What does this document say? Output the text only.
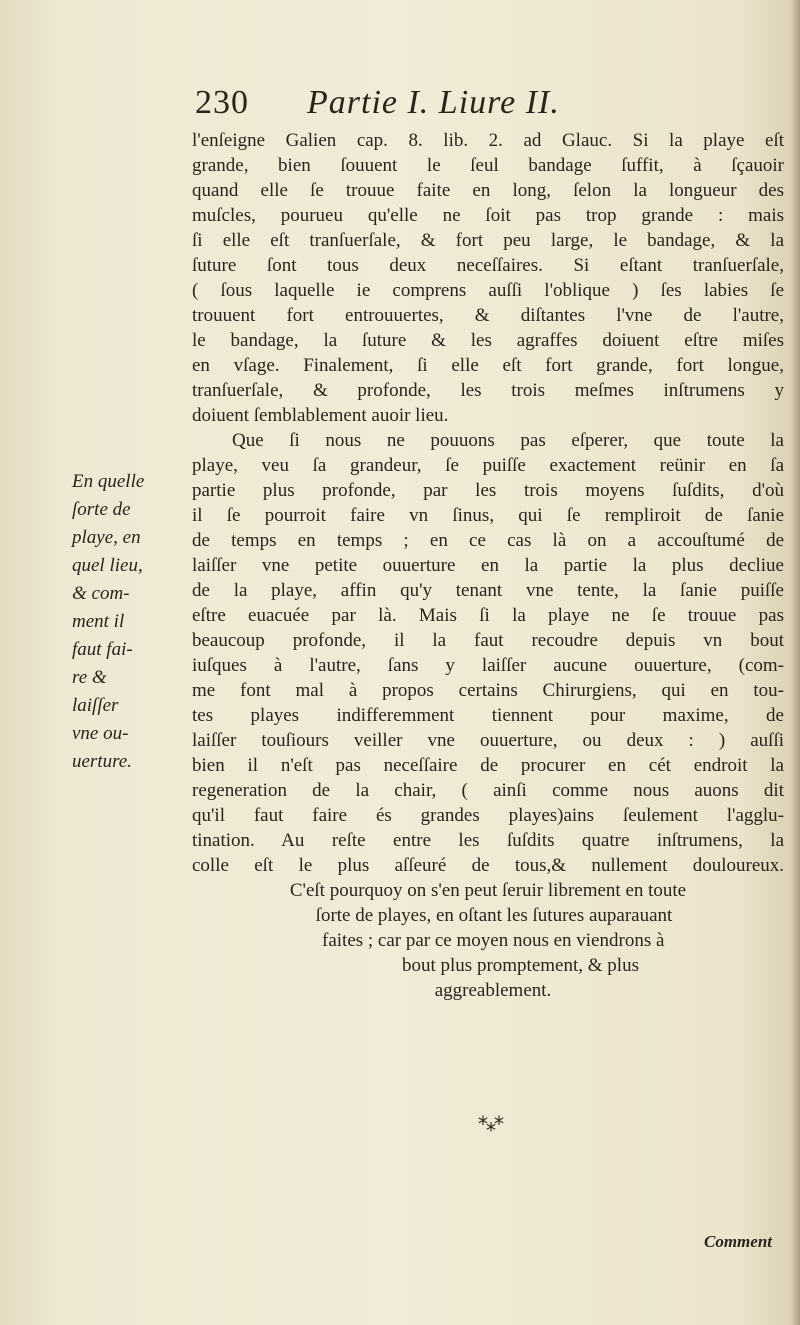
230 Partie I. Liure II.
En quelle
ſorte de
playe, en
quel lieu,
& com-
ment il
faut fai-
re &
laiſſer
vne ou-
uerture.
l'enſeigne Galien cap. 8. lib. 2. ad Glauc. Si la playe eſt
grande, bien ſouuent le ſeul bandage ſuffit, à ſçauoir
quand elle ſe trouue faite en long, ſelon la longueur des
muſcles, pourueu qu'elle ne ſoit pas trop grande : mais
ſi elle eſt tranſuerſale, & fort peu large, le bandage, & la
ſuture ſont tous deux neceſſaires. Si eſtant tranſuerſale,
( ſous laquelle ie comprens auſſi l'oblique ) ſes labies ſe
trouuent fort entrouuertes, & diſtantes l'vne de l'autre,
le bandage, la ſuture & les agraffes doiuent eſtre miſes
en vſage. Finalement, ſi elle eſt fort grande, fort longue,
tranſuerſale, & profonde, les trois meſmes inſtrumens y
doiuent ſemblablement auoir lieu.
Que ſi nous ne pouuons pas eſperer, que toute la
playe, veu ſa grandeur, ſe puiſſe exactement reünir en ſa
partie plus profonde, par les trois moyens ſuſdits, d'où
il ſe pourroit faire vn ſinus, qui ſe rempliroit de ſanie
de temps en temps ; en ce cas là on a accouſtumé de
laiſſer vne petite ouuerture en la partie la plus decliue
de la playe, affin qu'y tenant vne tente, la ſanie puiſſe
eſtre euacuée par là. Mais ſi la playe ne ſe trouue pas
beaucoup profonde, il la faut recoudre depuis vn bout
iuſques à l'autre, ſans y laiſſer aucune ouuerture, (com-
me font mal à propos certains Chirurgiens, qui en tou-
tes playes indifferemment tiennent pour maxime, de
laiſſer touſiours veiller vne ouuerture, ou deux : ) auſſi
bien il n'eſt pas neceſſaire de procurer en cét endroit la
regeneration de la chair, ( ainſi comme nous auons dit
qu'il faut faire és grandes playes)ains ſeulement l'agglu-
tination. Au reſte entre les ſuſdits quatre inſtrumens, la
colle eſt le plus aſſeuré de tous,& nullement douloureux.
C'eſt pourquoy on s'en peut ſeruir librement en toute
ſorte de playes, en oſtant les ſutures auparauant
faites ; car par ce moyen nous en viendrons à
bout plus promptement, & plus
aggreablement.
*⁎*
Comment
